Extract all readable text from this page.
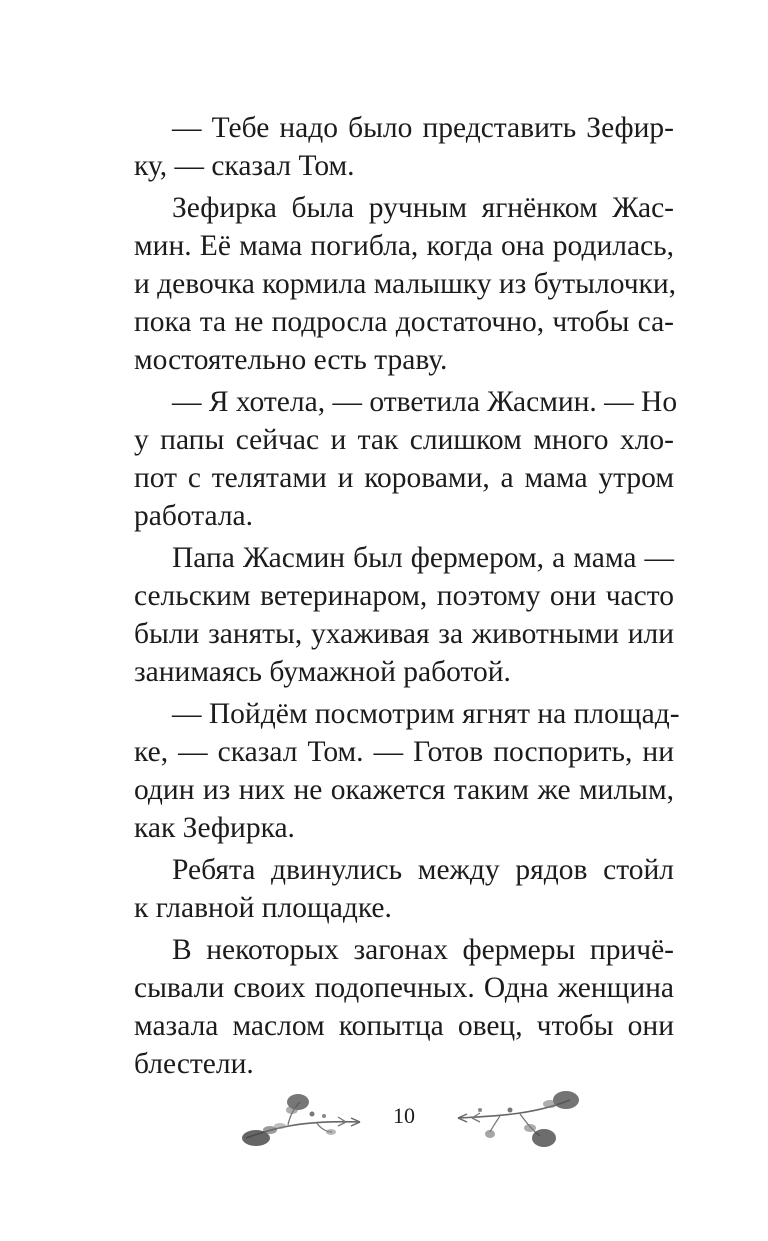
— Тебе надо было представить Зефир-
ку, — сказал Том.
Зефирка была ручным ягнёнком Жас-
мин. Её мама погибла, когда она родилась,
и девочка кормила малышку из бутылочки,
пока та не подросла достаточно, чтобы са-
мостоятельно есть траву.
— Я хотела, — ответила Жасмин. — Но
у папы сейчас и так слишком много хло-
пот с телятами и коровами, а мама утром
работала.
Папа Жасмин был фермером, а мама —
сельским ветеринаром, поэтому они часто
были заняты, ухаживая за животными или
занимаясь бумажной работой.
— Пойдём посмотрим ягнят на площад-
ке, — сказал Том. — Готов поспорить, ни
один из них не окажется таким же милым,
как Зефирка.
Ребята двинулись между рядов стойл
к главной площадке.
В некоторых загонах фермеры причё-
сывали своих подопечных. Одна женщина
мазала маслом копытца овец, чтобы они
блестели.
10
